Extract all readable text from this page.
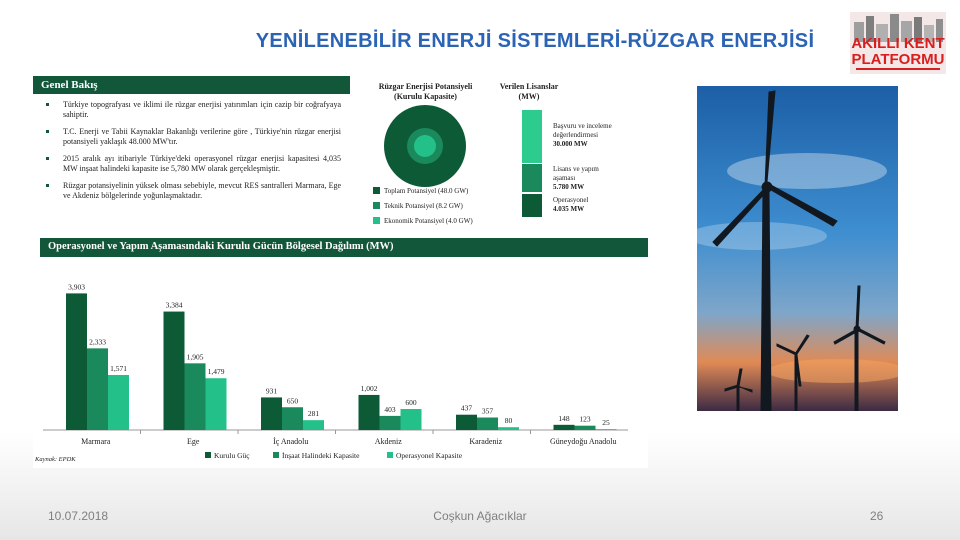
YENİLENEBİLİR ENERJİ SİSTEMLERİ-RÜZGAR ENERJİSİ	AKILLI KENT
PLATFORMU
Genel Bakış
Türkiye topografyası ve iklimi ile rüzgar enerjisi yatırımları için cazip bir coğrafyaya sahiptir.
T.C. Enerji ve Tabii Kaynaklar Bakanlığı verilerine göre , Türkiye'nin rüzgar enerjisi potansiyeli yaklaşık 48.000 MW'tır.
2015 aralık ayı itibariyle Türkiye'deki operasyonel rüzgar enerjisi kapasitesi 4,035 MW inşaat halindeki kapasite ise 5,780 MW olarak gerçekleşmiştir.
Rüzgar potansiyelinin yüksek olması sebebiyle, mevcut RES santralleri Marmara, Ege ve Akdeniz bölgelerinde yoğunlaşmaktadır.
Rüzgar Enerjisi Potansiyeli
(Kurulu Kapasite)
Toplam Potansiyel (48.0 GW)
Teknik Potansiyel (8.2 GW)
Ekonomik Potansiyel (4.0 GW)
Verilen Lisanslar
(MW)
Başvuru ve inceleme
değerlendirmesi
30.000 MW
Lisans ve yapım
aşaması
5.780 MW
Operasyonel
4.035 MW
Operasyonel ve Yapım Aşamasındaki Kurulu Gücün Bölgesel Dağılımı (MW)
3,903
2,333
1,571
Marmara
3,384
1,905
1,479
Ege
931
650
281
İç Anadolu
1,002
403
600
Akdeniz
437 357
80
Karadeniz
148 123 25
Güneydoğu Anadolu
Kurulu Güç	İnşaat Halindeki Kapasite	Operasyonel Kapasite
Kaynak: EPDK
10.07.2018	Coşkun Ağacıklar	26
